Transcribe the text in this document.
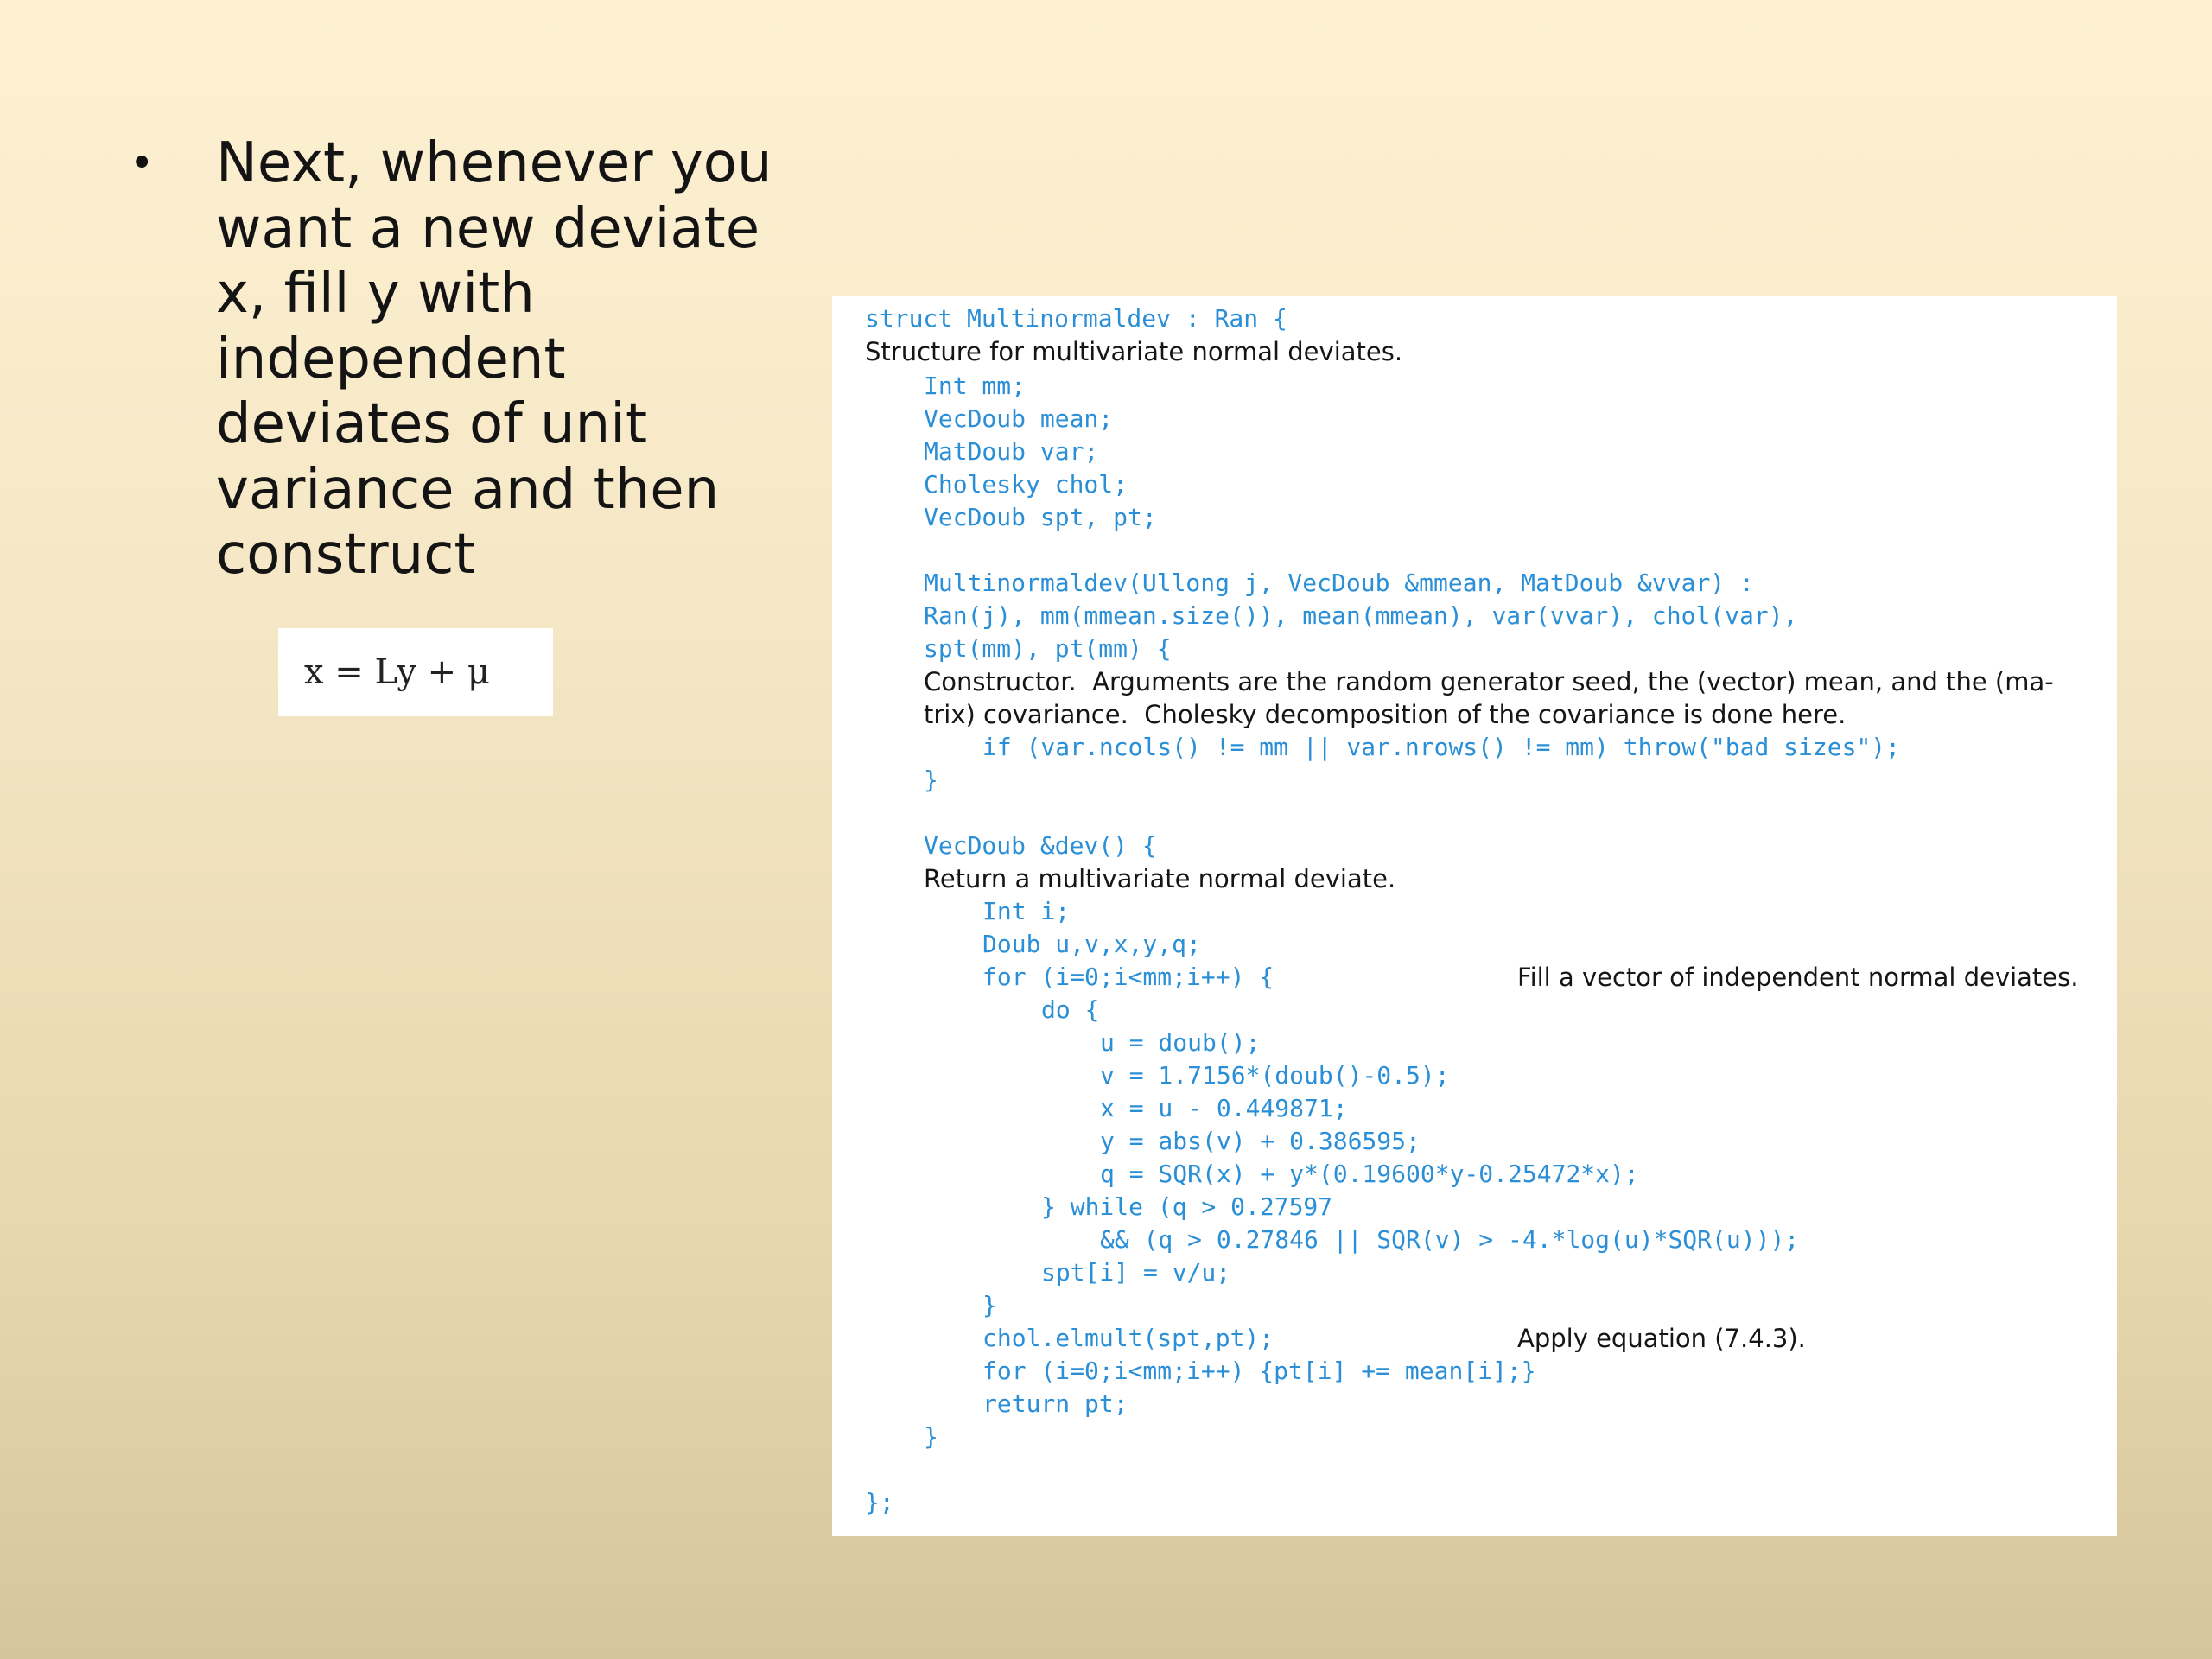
•	Next, whenever you want a new deviate x, fill y with independent deviates of unit variance and then construct
x = Ly + μ
struct Multinormaldev : Ran {
Structure for multivariate normal deviates.
Int mm;
VecDoub mean;
MatDoub var;
Cholesky chol;
VecDoub spt, pt;
Multinormaldev(Ullong j, VecDoub &mmean, MatDoub &vvar) :
Ran(j), mm(mmean.size()), mean(mmean), var(vvar), chol(var),
spt(mm), pt(mm) {
Constructor.  Arguments are the random generator seed, the (vector) mean, and the (ma-
trix) covariance.  Cholesky decomposition of the covariance is done here.
if (var.ncols() != mm || var.nrows() != mm) throw("bad sizes");
}
VecDoub &dev() {
Return a multivariate normal deviate.
Int i;
Doub u,v,x,y,q;
for (i=0;i<mm;i++) {	Fill a vector of independent normal deviates.
do {
u = doub();
v = 1.7156*(doub()-0.5);
x = u - 0.449871;
y = abs(v) + 0.386595;
q = SQR(x) + y*(0.19600*y-0.25472*x);
} while (q > 0.27597
&& (q > 0.27846 || SQR(v) > -4.*log(u)*SQR(u)));
spt[i] = v/u;
}
chol.elmult(spt,pt);	Apply equation (7.4.3).
for (i=0;i<mm;i++) {pt[i] += mean[i];}
return pt;
}
};
